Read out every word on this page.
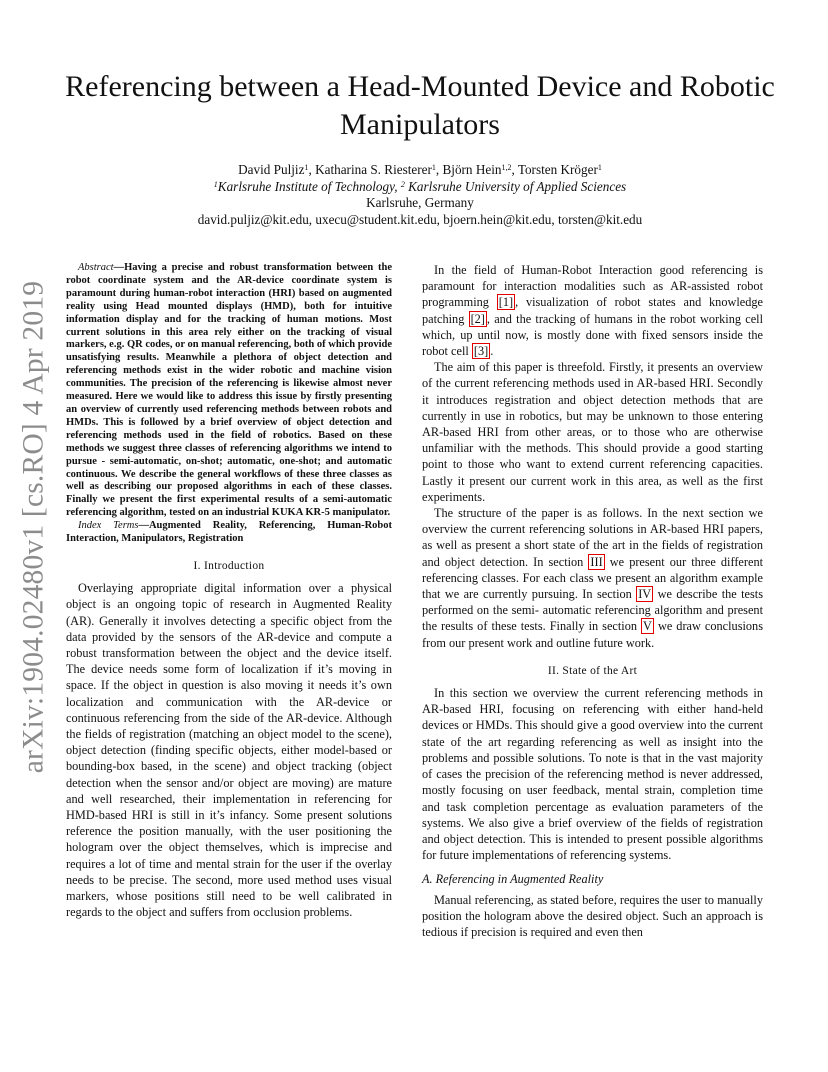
arXiv:1904.02480v1 [cs.RO] 4 Apr 2019
Referencing between a Head-Mounted Device and Robotic Manipulators
David Puljiz$^1$, Katharina S. Riesterer$^1$, Björn Hein$^{1,2}$, Torsten Kröger$^1$
$^1$Karlsruhe Institute of Technology, $^2$ Karlsruhe University of Applied Sciences
Karlsruhe, Germany
david.puljiz@kit.edu, uxecu@student.kit.edu, bjoern.hein@kit.edu, torsten@kit.edu

Abstract—Having a precise and robust transformation between the robot coordinate system and the AR-device coordinate system is paramount during human-robot interaction (HRI) based on augmented reality using Head mounted displays (HMD), both for intuitive information display and for the tracking of human motions. Most current solutions in this area rely either on the tracking of visual markers, e.g. QR codes, or on manual referencing, both of which provide unsatisfying results. Meanwhile a plethora of object detection and referencing methods exist in the wider robotic and machine vision communities. The precision of the referencing is likewise almost never measured. Here we would like to address this issue by firstly presenting an overview of currently used referencing methods between robots and HMDs. This is followed by a brief overview of object detection and referencing methods used in the field of robotics. Based on these methods we suggest three classes of referencing algorithms we intend to pursue - semi-automatic, on-shot; automatic, one-shot; and automatic continuous. We describe the general workflows of these three classes as well as describing our proposed algorithms in each of these classes. Finally we present the first experimental results of a semi-automatic referencing algorithm, tested on an industrial KUKA KR-5 manipulator.

Index Terms—Augmented Reality, Referencing, Human-Robot Interaction, Manipulators, Registration

I. Introduction

Overlaying appropriate digital information over a physical object is an ongoing topic of research in Augmented Reality (AR). Generally it involves detecting a specific object from the data provided by the sensors of the AR-device and compute a robust transformation between the object and the device itself. The device needs some form of localization if it’s moving in space. If the object in question is also moving it needs it’s own localization and communication with the AR-device or continuous referencing from the side of the AR-device. Although the fields of registration (matching an object model to the scene), object detection (finding specific objects, either model-based or bounding-box based, in the scene) and object tracking (object detection when the sensor and/or object are moving) are mature and well researched, their implementation in referencing for HMD-based HRI is still in it’s infancy. Some present solutions reference the position manually, with the user positioning the hologram over the object themselves, which is imprecise and requires a lot of time and mental strain for the user if the overlay needs to be precise. The second, more used method uses visual markers, whose positions still need to be well calibrated in regards to the object and suffers from occlusion problems.

In the field of Human-Robot Interaction good referencing is paramount for interaction modalities such as AR-assisted robot programming [1] , visualization of robot states and knowledge patching [2] , and the tracking of humans in the robot working cell which, up until now, is mostly done with fixed sensors inside the robot cell [3] .

The aim of this paper is threefold. Firstly, it presents an overview of the current referencing methods used in AR-based HRI. Secondly it introduces registration and object detection methods that are currently in use in robotics, but may be unknown to those entering AR-based HRI from other areas, or to those who are otherwise unfamiliar with the methods. This should provide a good starting point to those who want to extend current referencing capacities. Lastly it present our current work in this area, as well as the first experiments.

The structure of the paper is as follows. In the next section we overview the current referencing solutions in AR-based HRI papers, as well as present a short state of the art in the fields of registration and object detection. In section III we present our three different referencing classes. For each class we present an algorithm example that we are currently pursuing. In section IV we describe the tests performed on the semi- automatic referencing algorithm and present the results of these tests. Finally in section V we draw conclusions from our present work and outline future work.

II. State of the Art

In this section we overview the current referencing methods in AR-based HRI, focusing on referencing with either hand-held devices or HMDs. This should give a good overview into the current state of the art regarding referencing as well as insight into the problems and possible solutions. To note is that in the vast majority of cases the precision of the referencing method is never addressed, mostly focusing on user feedback, mental strain, completion time and task completion percentage as evaluation parameters of the systems. We also give a brief overview of the fields of registration and object detection. This is intended to present possible algorithms for future implementations of referencing systems.

A. Referencing in Augmented Reality

Manual referencing, as stated before, requires the user to manually position the hologram above the desired object. Such an approach is tedious if precision is required and even then
